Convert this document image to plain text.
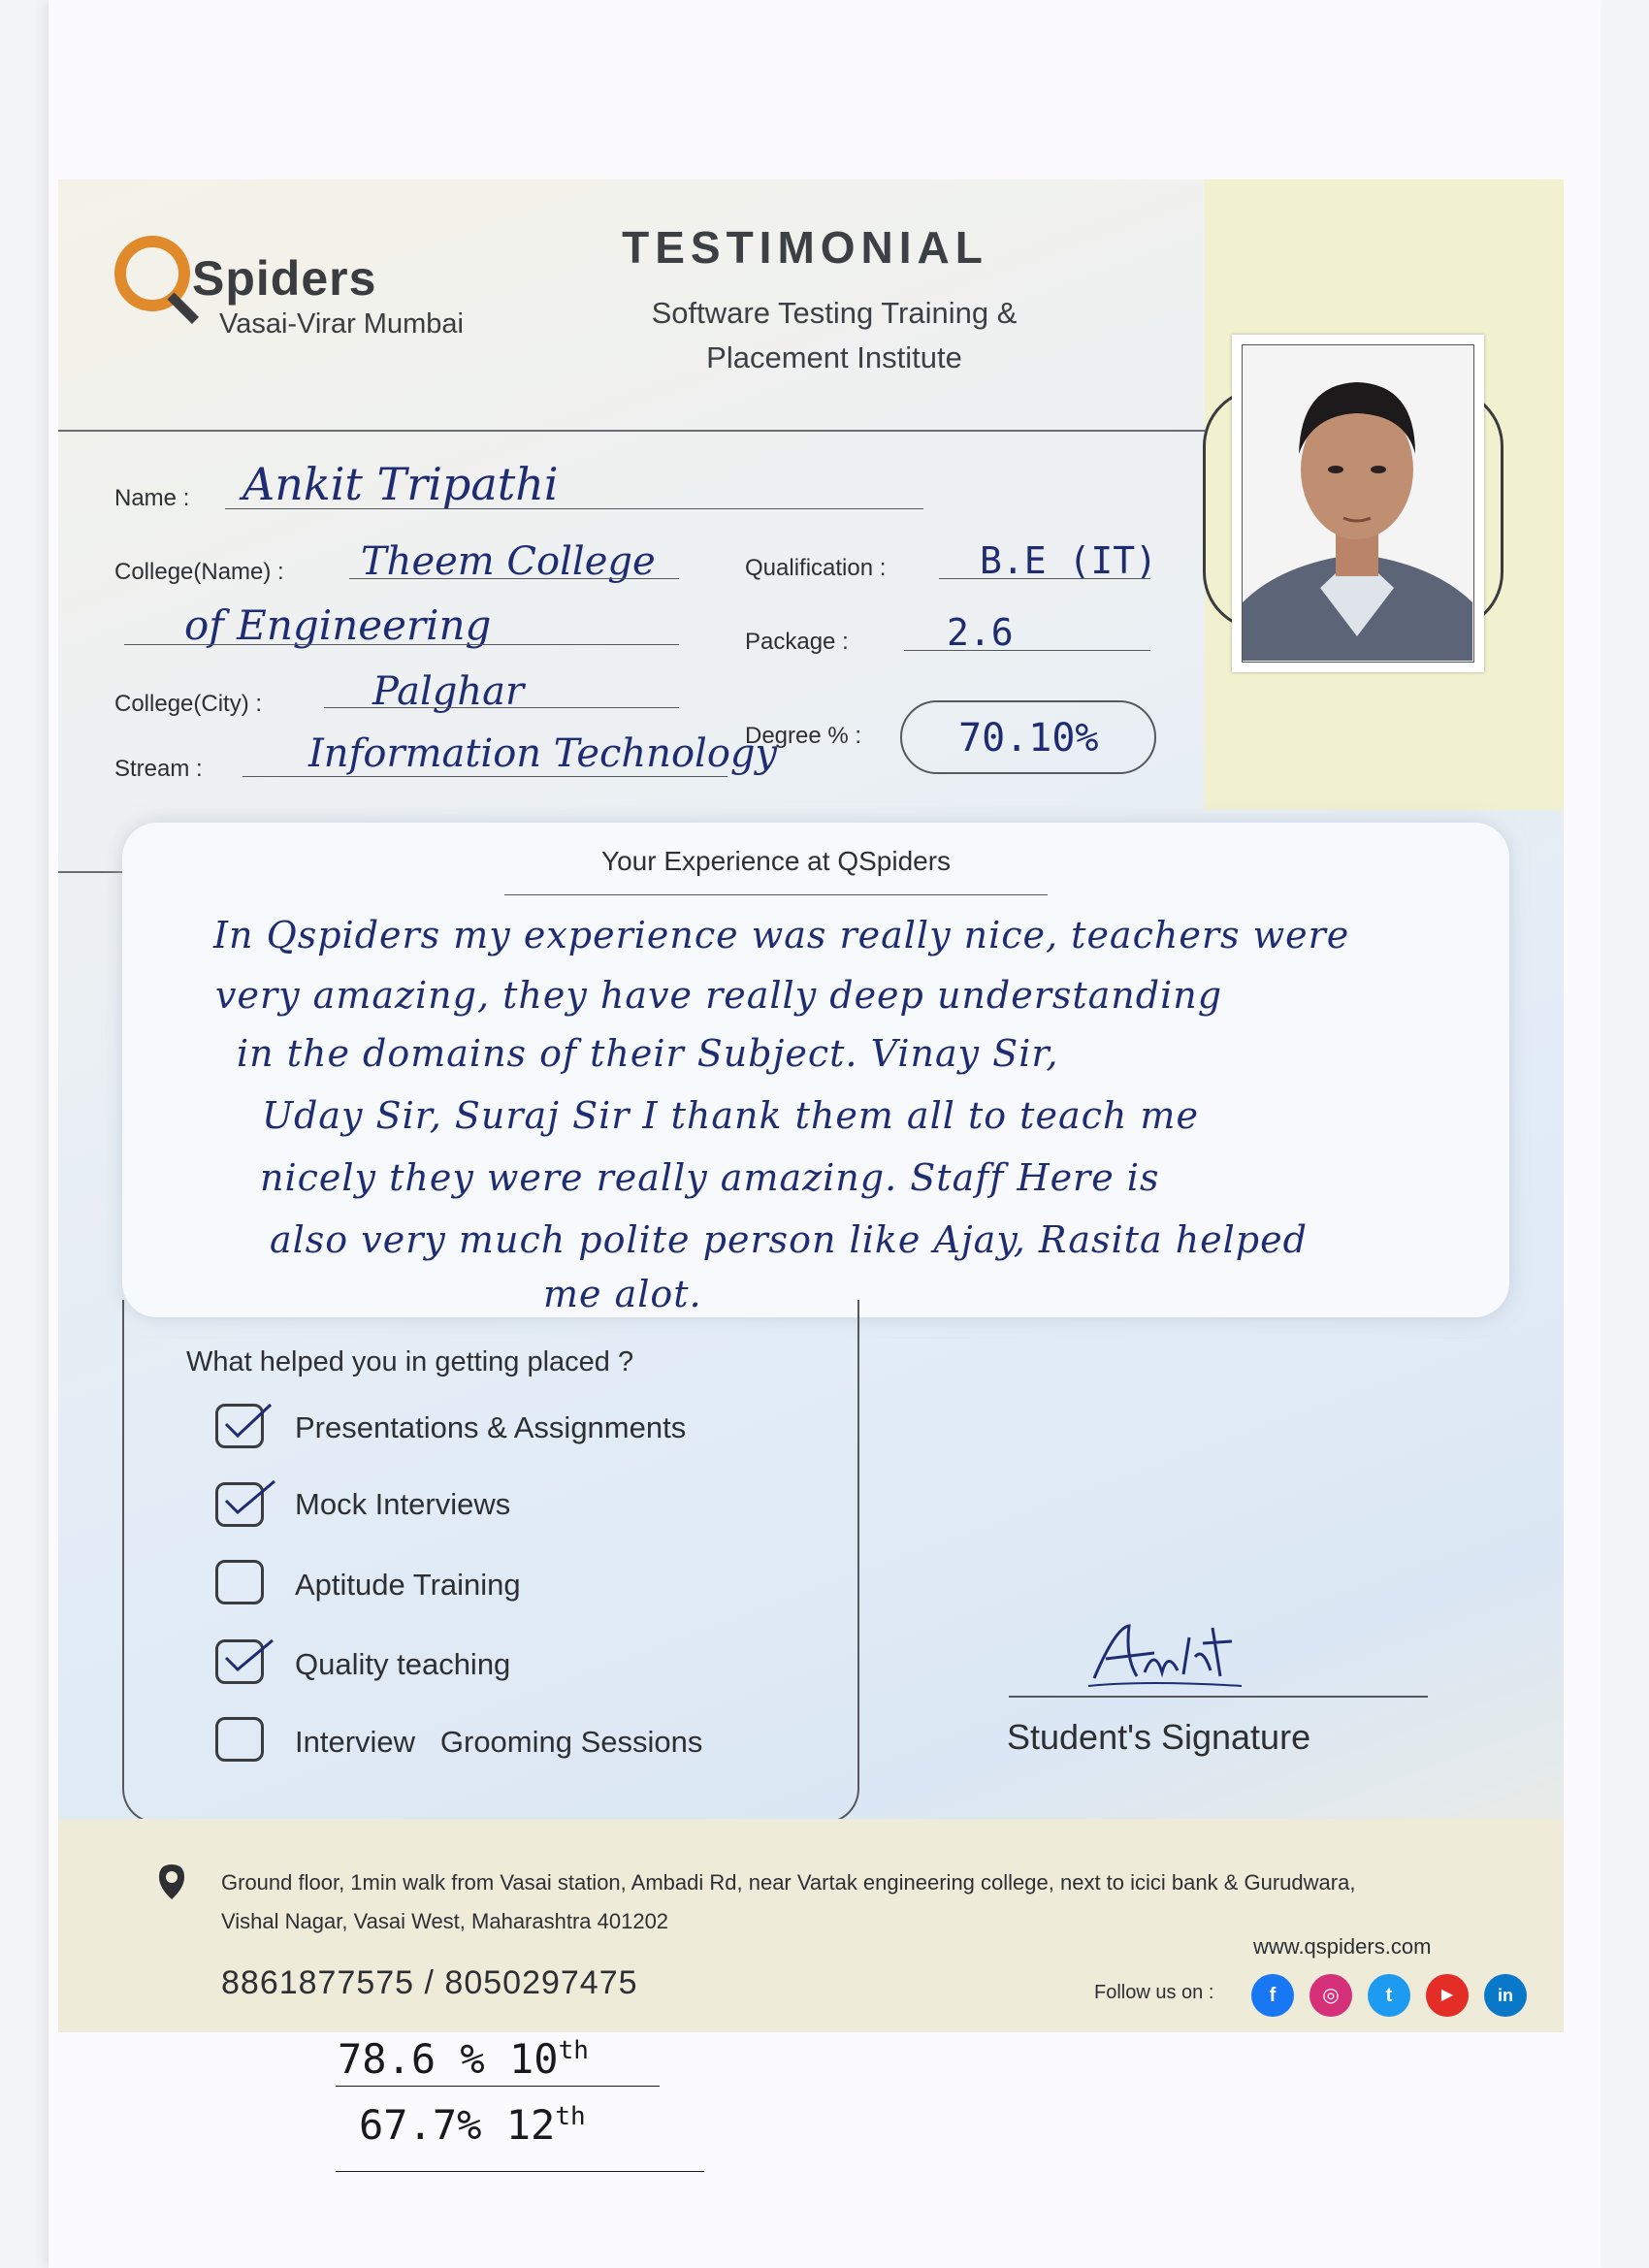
Spiders
Vasai-Virar Mumbai
TESTIMONIAL
Software Testing Training &
Placement Institute
Name : Ankit Tripathi
College(Name) : Theem College
of Engineering
College(City) :	Palghar
Stream :	Information Technology
Qualification :	B.E (IT)
Package :	2.6
Degree % : 70.10%
Your Experience at QSpiders
In Qspiders my experience was really nice, teachers were
very amazing, they have really deep understanding
in the domains of their Subject. Vinay Sir,
Uday Sir, Suraj Sir I thank them all to teach me
nicely they were really amazing. Staff Here is
also very much polite person like Ajay, Rasita helped
me alot.
What helped you in getting placed ?
Presentations & Assignments
Mock Interviews
Aptitude Training
Quality teaching
Interview   Grooming Sessions	Student's Signature
Ground floor, 1min walk from Vasai station, Ambadi Rd, near Vartak engineering college, next to icici bank & Gurudwara,
Vishal Nagar, Vasai West, Maharashtra 401202
8861877575 / 8050297475
www.qspiders.com
Follow us on :	f	◎	t	▶	in
78.6 % 10th
67.7% 12th
